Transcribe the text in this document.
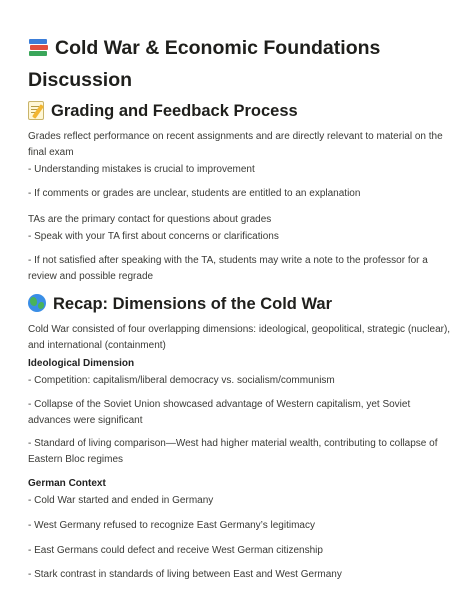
Cold War & Economic Foundations
Discussion
Grading and Feedback Process

Grades reflect performance on recent assignments and are directly relevant to material on the final exam

- Understanding mistakes is crucial to improvement

- If comments or grades are unclear, students are entitled to an explanation

TAs are the primary contact for questions about grades

- Speak with your TA first about concerns or clarifications

- If not satisfied after speaking with the TA, students may write a note to the professor for a review and possible regrade

Recap: Dimensions of the Cold War

Cold War consisted of four overlapping dimensions: ideological, geopolitical, strategic (nuclear), and international (containment)

Ideological Dimension

- Competition: capitalism/liberal democracy vs. socialism/communism

- Collapse of the Soviet Union showcased advantage of Western capitalism, yet Soviet advances were significant

- Standard of living comparison—West had higher material wealth, contributing to collapse of Eastern Bloc regimes

German Context

- Cold War started and ended in Germany

- West Germany refused to recognize East Germany’s legitimacy

- East Germans could defect and receive West German citizenship

- Stark contrast in standards of living between East and West Germany
